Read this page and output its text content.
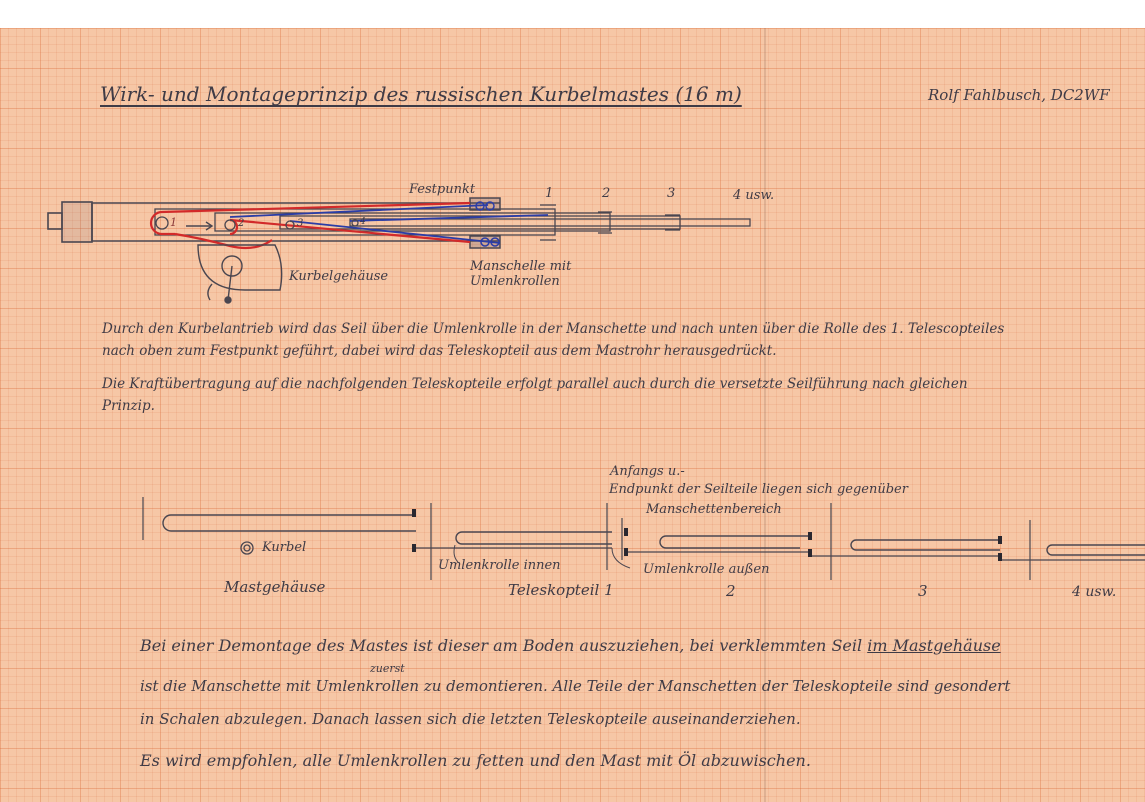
Wirk- und Montageprinzip des russischen Kurbelmastes (16 m)	Rolf Fahlbusch, DC2WF
Festpunkt	1	2	3	4 usw.
1	2	3	4
Kurbelgehäuse
Manschelle mit
Umlenkrollen
Durch den Kurbelantrieb wird das Seil über die Umlenkrolle in der Manschette und nach unten über die Rolle des 1. Telescopteiles
nach oben zum Festpunkt geführt, dabei wird das Teleskopteil aus dem Mastrohr herausgedrückt.
Die Kraftübertragung auf die nachfolgenden Teleskopteile erfolgt parallel auch durch die versetzte Seilführung nach gleichen
Prinzip.
Anfangs u.-
Endpunkt der Seilteile liegen sich gegenüber
Manschettenbereich
Kurbel
Umlenkrolle innen	Umlenkrolle außen
Mastgehäuse	Teleskopteil 1	2	3	4 usw.
Bei einer Demontage des Mastes ist dieser am Boden auszuziehen, bei verklemmten Seil im Mastgehäuse
zuerst
ist die Manschette mit Umlenkrollen zu demontieren. Alle Teile der Manschetten der Teleskopteile sind gesondert
in Schalen abzulegen. Danach lassen sich die letzten Teleskopteile auseinanderziehen.
Es wird empfohlen, alle Umlenkrollen zu fetten und den Mast mit Öl abzuwischen.
